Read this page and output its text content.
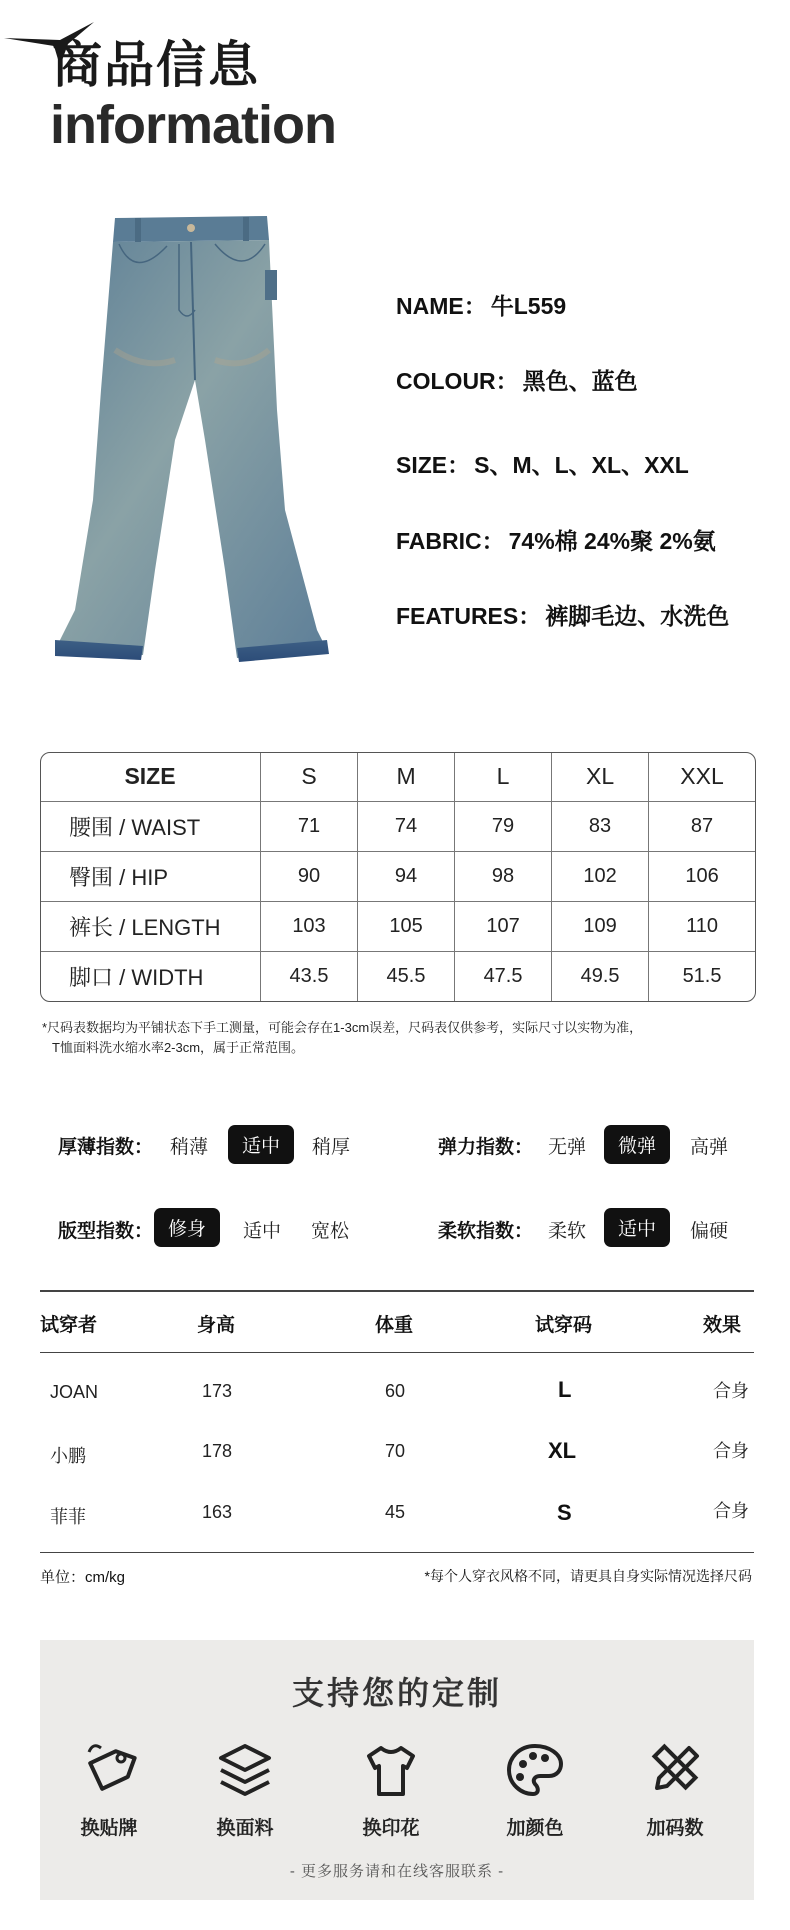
商品信息
information
NAME： 牛L559
COLOUR： 黑色、蓝色
SIZE： S、M、L、XL、XXL
FABRIC： 74%棉 24%聚 2%氨
FEATURES： 裤脚毛边、水洗色
SIZE	S	M	L	XL	XXL
腰围 / WAIST	71	74	79	83	87
臀围 / HIP	90	94	98	102	106
裤长 / LENGTH	103	105	107	109	110
脚口 / WIDTH	43.5	45.5	47.5	49.5	51.5
*尺码表数据均为平铺状态下手工测量，可能会存在1-3cm误差，尺码表仅供参考，实际尺寸以实物为准，
T恤面料洗水缩水率2-3cm，属于正常范围。
厚薄指数： 稍薄	适中	稍厚	弹力指数： 无弹	微弹	高弹
版型指数： 修身	适中 宽松	柔软指数： 柔软	适中	偏硬
试穿者	身高	体重	试穿码	效果
JOAN	173	60	L	合身
小鹏	178	70	XL	合身
菲菲	163	45	S	合身
单位：cm/kg	*每个人穿衣风格不同，请更具自身实际情况选择尺码
支持您的定制
换贴牌	换面料	换印花	加颜色	加码数
- 更多服务请和在线客服联系 -
